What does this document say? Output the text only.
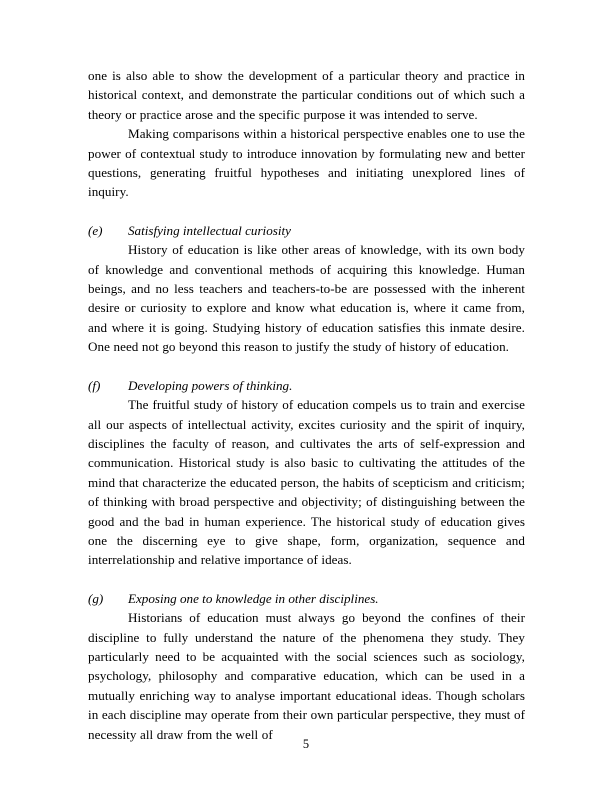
one is also able to show the development of a particular theory and practice in historical context, and demonstrate the particular conditions out of which such a theory or practice arose and the specific purpose it was intended to serve.

Making comparisons within a historical perspective enables one to use the power of contextual study to introduce innovation by formulating new and better questions, generating fruitful hypotheses and initiating unexplored lines of inquiry.

(e)	Satisfying intellectual curiosity

History of education is like other areas of knowledge, with its own body of knowledge and conventional methods of acquiring this knowledge. Human beings, and no less teachers and teachers-to-be are possessed with the inherent desire or curiosity to explore and know what education is, where it came from, and where it is going. Studying history of education satisfies this inmate desire. One need not go beyond this reason to justify the study of history of education.

(f)	Developing powers of thinking.

The fruitful study of history of education compels us to train and exercise all our aspects of intellectual activity, excites curiosity and the spirit of inquiry, disciplines the faculty of reason, and cultivates the arts of self-expression and communication. Historical study is also basic to cultivating the attitudes of the mind that characterize the educated person, the habits of scepticism and criticism; of thinking with broad perspective and objectivity; of distinguishing between the good and the bad in human experience. The historical study of education gives one the discerning eye to give shape, form, organization, sequence and interrelationship and relative importance of ideas.

(g)	Exposing one to knowledge in other disciplines.

Historians of education must always go beyond the confines of their discipline to fully understand the nature of the phenomena they study. They particularly need to be acquainted with the social sciences such as sociology, psychology, philosophy and comparative education, which can be used in a mutually enriching way to analyse important educational ideas. Though scholars in each discipline may operate from their own particular perspective, they must of necessity all draw from the well of

5
